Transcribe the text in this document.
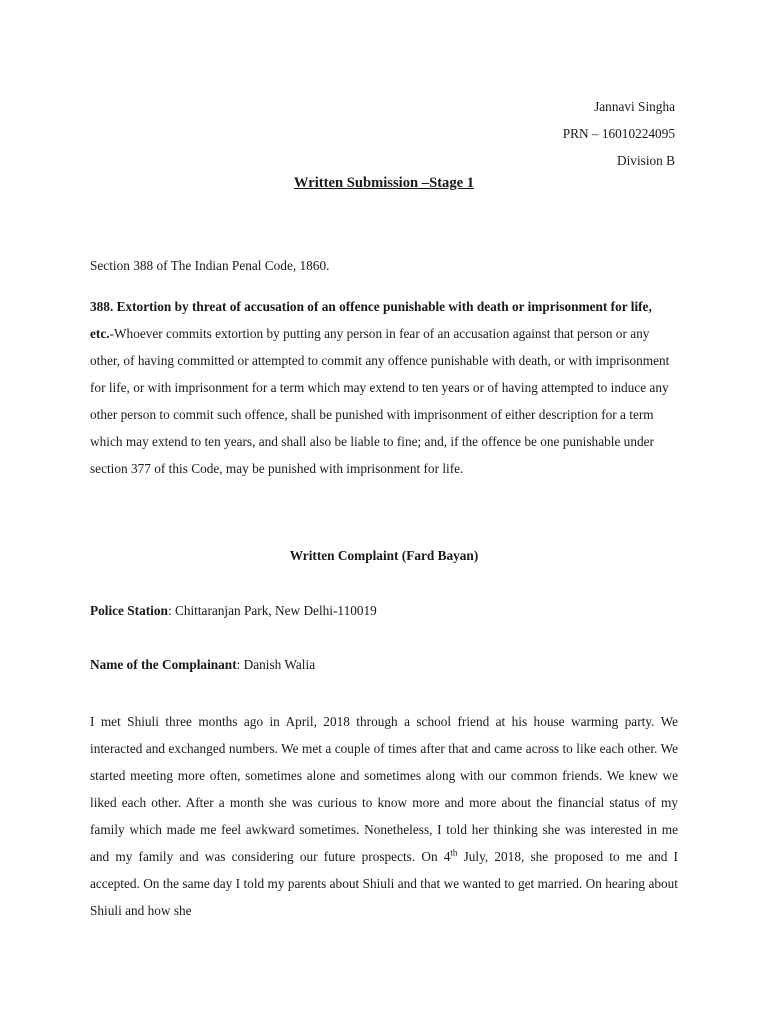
Jannavi Singha
PRN – 16010224095
Division B
Written Submission –Stage 1
Section 388 of The Indian Penal Code, 1860.
388. Extortion by threat of accusation of an offence punishable with death or imprisonment for life, etc.-Whoever commits extortion by putting any person in fear of an accusation against that person or any other, of having committed or attempted to commit any offence punishable with death, or with imprisonment for life, or with imprisonment for a term which may extend to ten years or of having attempted to induce any other person to commit such offence, shall be punished with imprisonment of either description for a term which may extend to ten years, and shall also be liable to fine; and, if the offence be one punishable under section 377 of this Code, may be punished with imprisonment for life.
Written Complaint (Fard Bayan)
Police Station: Chittaranjan Park, New Delhi-110019
Name of the Complainant: Danish Walia
I met Shiuli three months ago in April, 2018 through a school friend at his house warming party. We interacted and exchanged numbers. We met a couple of times after that and came across to like each other. We started meeting more often, sometimes alone and sometimes along with our common friends. We knew we liked each other. After a month she was curious to know more and more about the financial status of my family which made me feel awkward sometimes. Nonetheless, I told her thinking she was interested in me and my family and was considering our future prospects. On 4th July, 2018, she proposed to me and I accepted. On the same day I told my parents about Shiuli and that we wanted to get married. On hearing about Shiuli and how she
